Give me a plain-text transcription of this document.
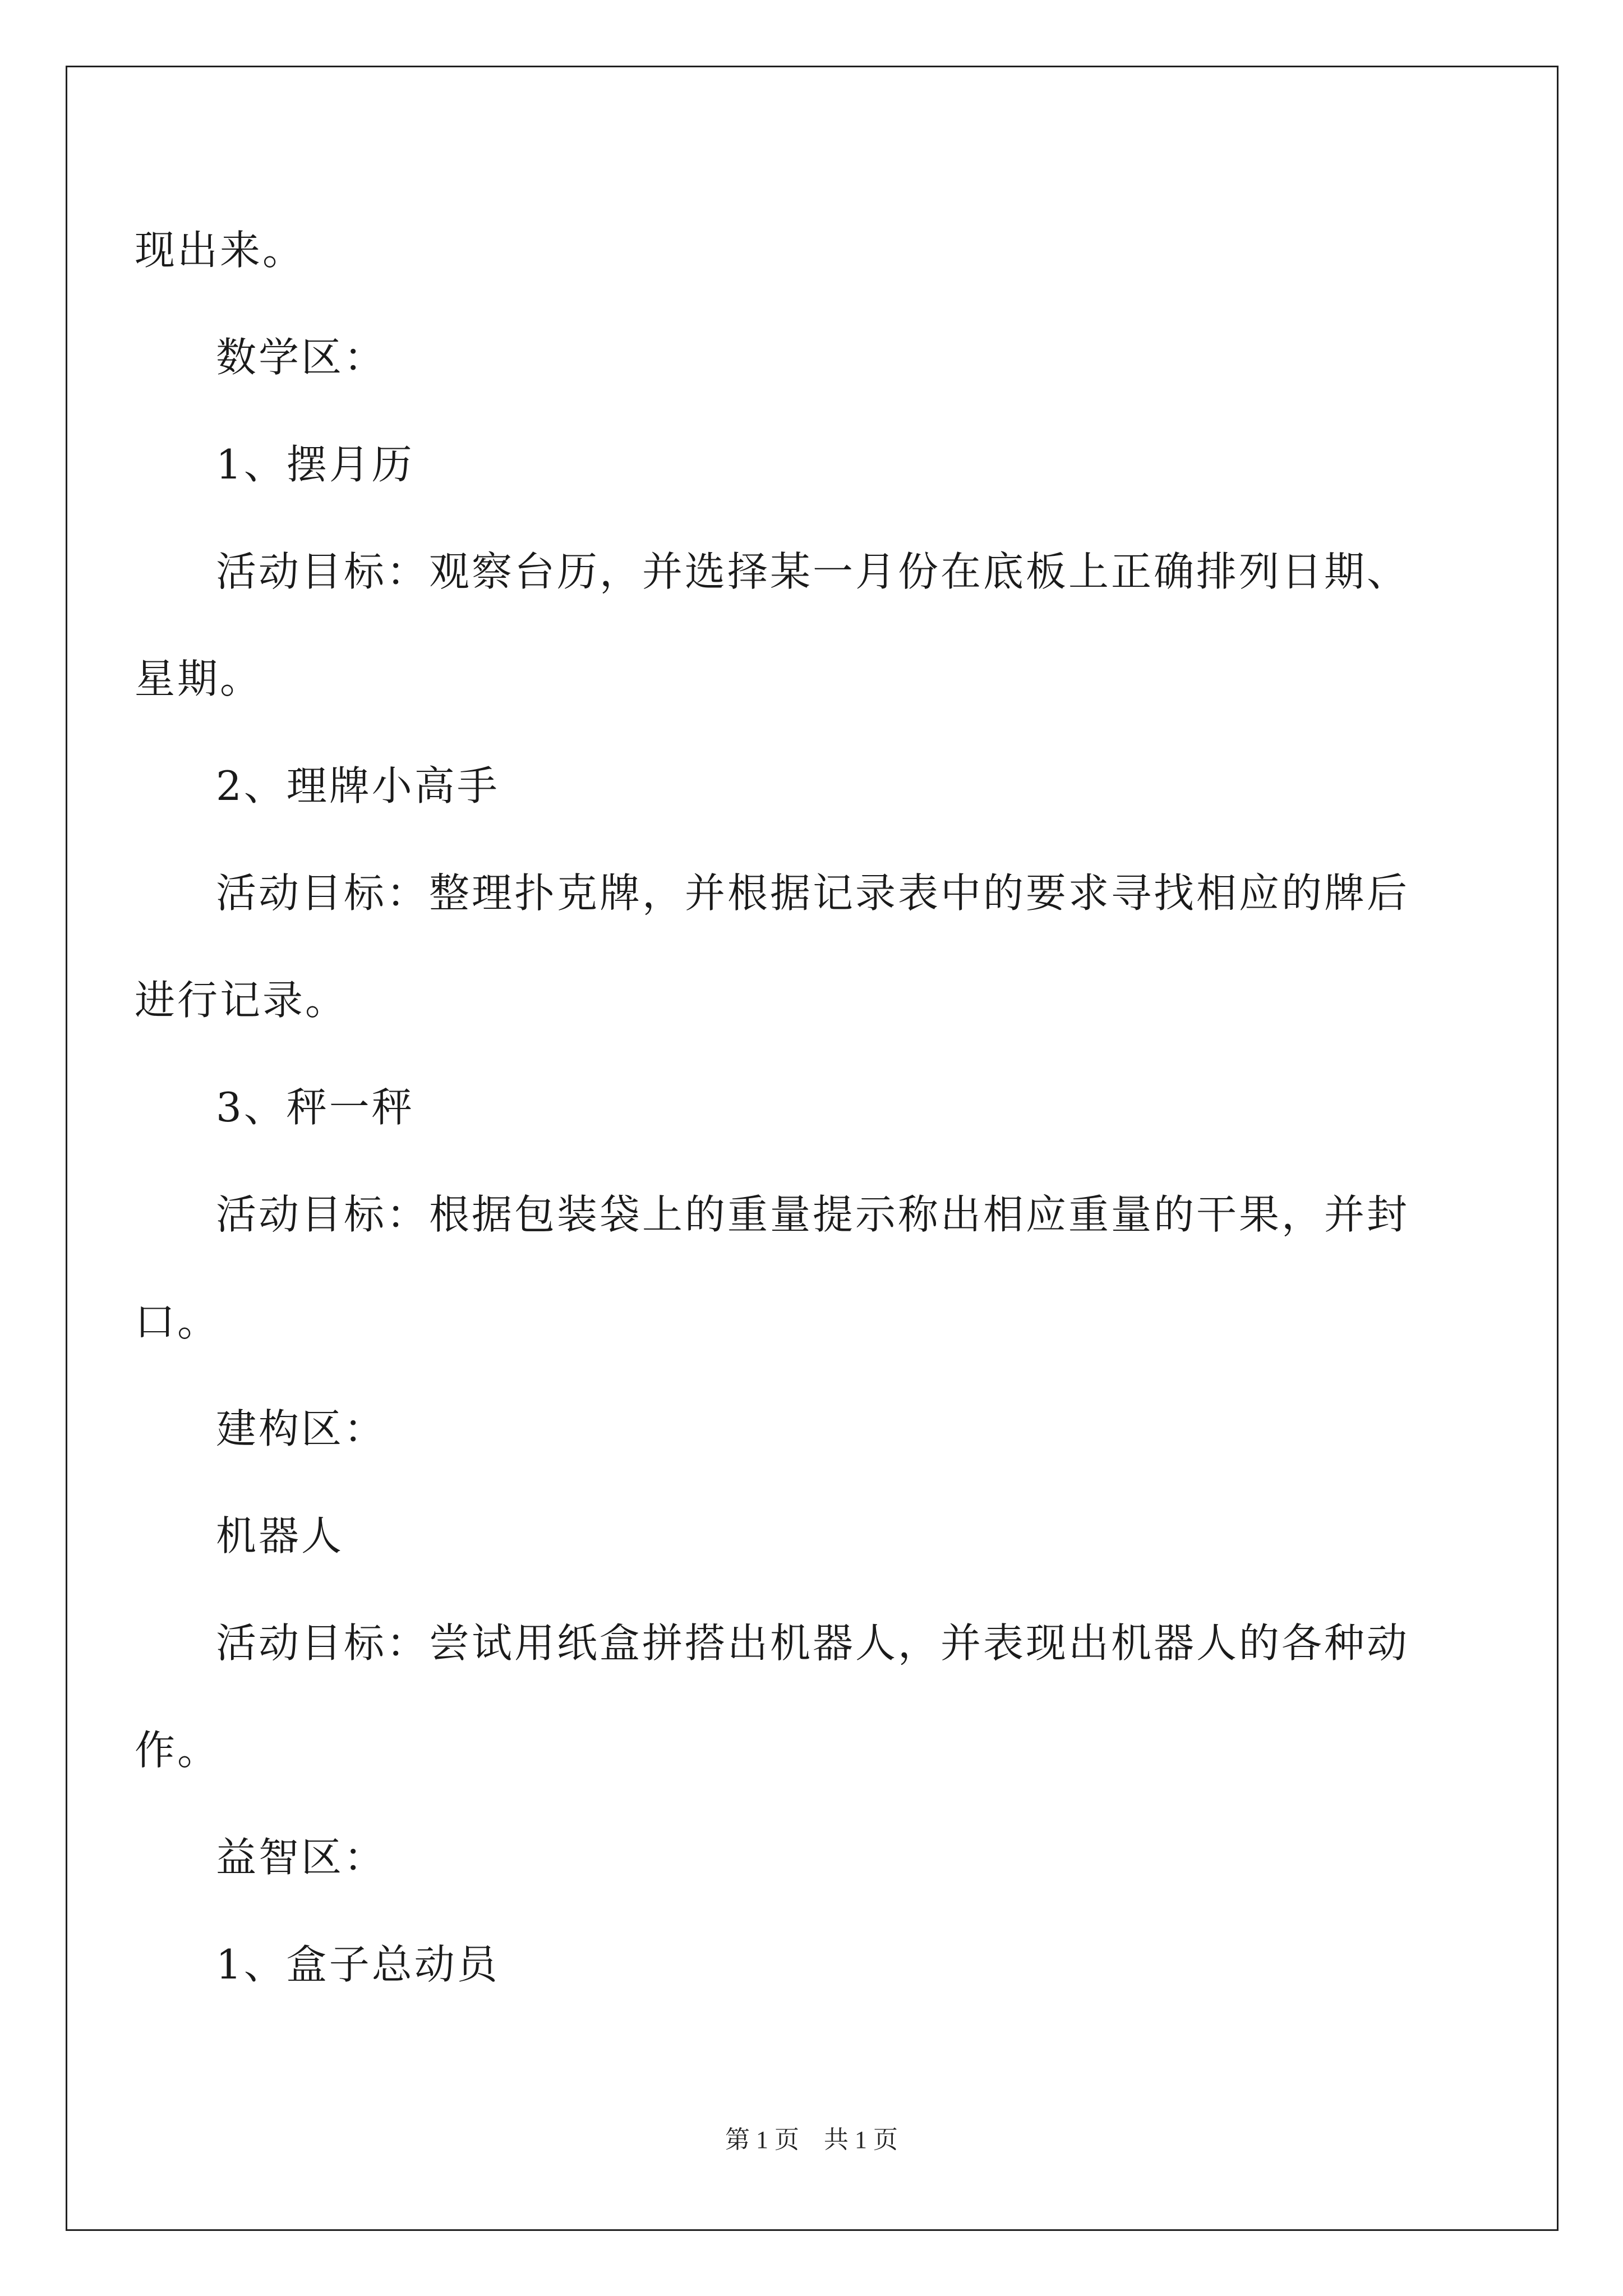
现出来。
数学区：
1、摆月历
活动目标：观察台历，并选择某一月份在底板上正确排列日期、
星期。
2、理牌小高手
活动目标：整理扑克牌，并根据记录表中的要求寻找相应的牌后
进行记录。
3、秤一秤
活动目标：根据包装袋上的重量提示称出相应重量的干果，并封
口。
建构区：
机器人
活动目标：尝试用纸盒拼搭出机器人，并表现出机器人的各种动
作。
益智区：
1、盒子总动员
第 1 页　共 1 页
